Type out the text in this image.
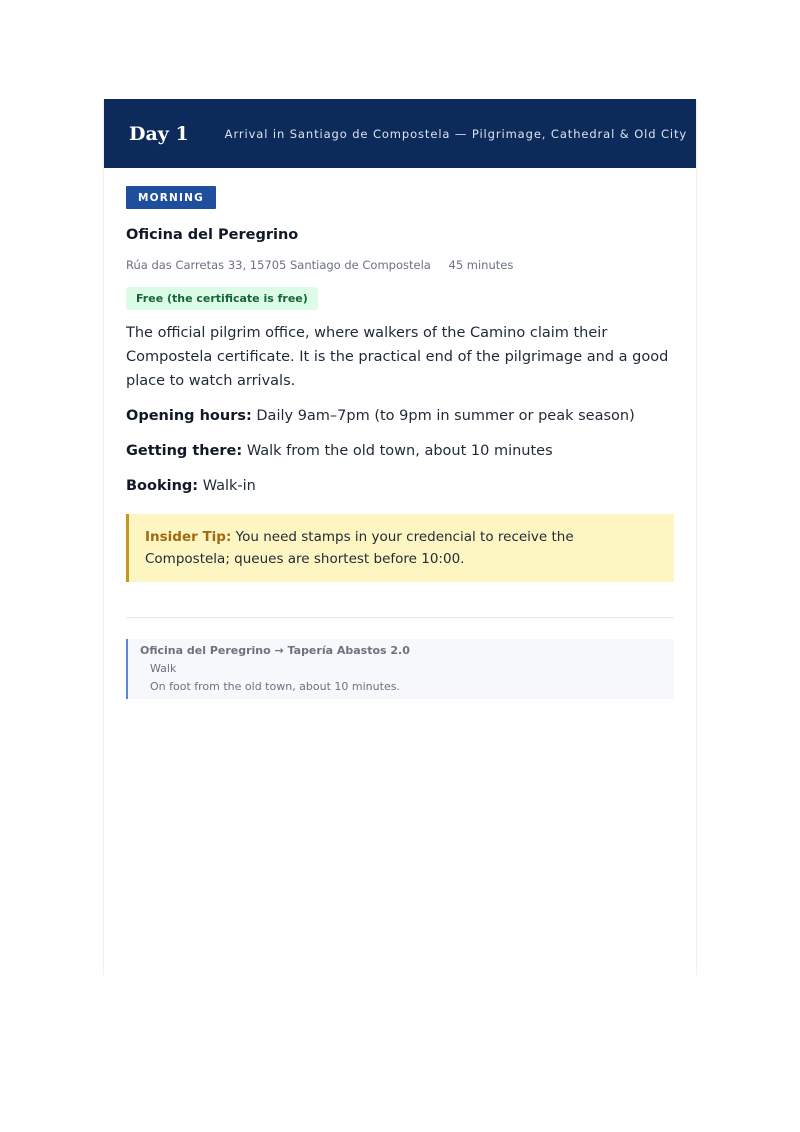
Day 1	Arrival in Santiago de Compostela — Pilgrimage, Cathedral & Old City
MORNING
Oficina del Peregrino
Rúa das Carretas 33, 15705 Santiago de Compostela 45 minutes
Free (the certificate is free)

The official pilgrim office, where walkers of the Camino claim their Compostela certificate. It is the practical end of the pilgrimage and a good place to watch arrivals.

Opening hours: Daily 9am–7pm (to 9pm in summer or peak season)
Getting there: Walk from the old town, about 10 minutes
Booking: Walk-in
Insider Tip: You need stamps in your credencial to receive the Compostela; queues are shortest before 10:00.
Oficina del Peregrino → Tapería Abastos 2.0
Walk
On foot from the old town, about 10 minutes.
